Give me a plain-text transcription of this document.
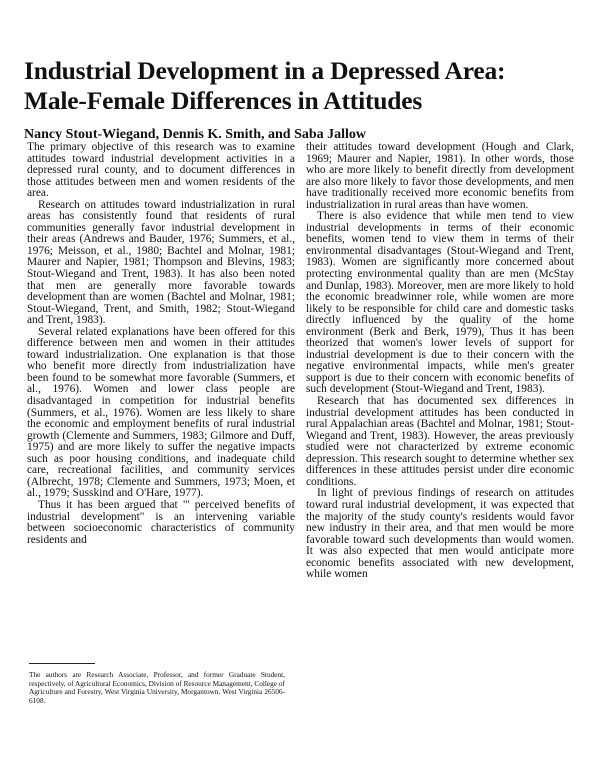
Industrial Development in a Depressed Area:
Male-Female Differences in Attitudes
Nancy Stout-Wiegand, Dennis K. Smith, and Saba Jallow

The primary objective of this research was to examine attitudes toward industrial development activities in a depressed rural county, and to document differences in those attitudes between men and women residents of the area.

Research on attitudes toward industrialization in rural areas has consistently found that residents of rural communities generally favor industrial development in their areas (Andrews and Bauder, 1976; Summers, et al., 1976; Meisson, et al., 1980; Bachtel and Molnar, 1981; Maurer and Napier, 1981; Thompson and Blevins, 1983; Stout-Wiegand and Trent, 1983). It has also been noted that men are generally more favorable towards development than are women (Bachtel and Molnar, 1981; Stout-Wiegand, Trent, and Smith, 1982; Stout-Wiegand and Trent, 1983).

Several related explanations have been offered for this difference between men and women in their attitudes toward industrialization. One explanation is that those who benefit more directly from industrialization have been found to be somewhat more favorable (Summers, et al., 1976). Women and lower class people are disadvantaged in competition for industrial benefits (Summers, et al., 1976). Women are less likely to share the economic and employment benefits of rural industrial growth (Clemente and Summers, 1983; Gilmore and Duff, 1975) and are more likely to suffer the negative impacts such as poor housing conditions, and inadequate child care, recreational facilities, and community services (Albrecht, 1978; Clemente and Summers, 1973; Moen, et al., 1979; Susskind and O'Hare, 1977).

Thus it has been argued that "' perceived benefits of industrial development" is an intervening variable between socioeconomic characteristics of community residents and

The authors are Research Associate, Professor, and former Graduate Student, respectively, of Agricultural Economics, Division of Resource Management, College of Agriculture and Forestry, West Virginia University, Morgantown, West Virginia 26506-6108.

their attitudes toward development (Hough and Clark, 1969; Maurer and Napier, 1981). In other words, those who are more likely to benefit directly from development are also more likely to favor those developments, and men have traditionally received more economic benefits from industrialization in rural areas than have women.

There is also evidence that while men tend to view industrial developments in terms of their economic benefits, women tend to view them in terms of their environmental disadvantages (Stout-Wiegand and Trent, 1983). Women are significantly more concerned about protecting environmental quality than are men (McStay and Dunlap, 1983). Moreover, men are more likely to hold the economic breadwinner role, while women are more likely to be responsible for child care and domestic tasks directly influenced by the quality of the home environment (Berk and Berk, 1979), Thus it has been theorized that women's lower levels of support for industrial development is due to their concern with the negative environmental impacts, while men's greater support is due to their concern with economic benefits of such development (Stout-Wiegand and Trent, 1983).

Research that has documented sex differences in industrial development attitudes has been conducted in rural Appalachian areas (Bachtel and Molnar, 1981; Stout-Wiegand and Trent, 1983). However, the areas previously studied were not characterized by extreme economic depression. This research sought to determine whether sex differences in these attitudes persist under dire economic conditions.

In light of previous findings of research on attitudes toward rural industrial development, it was expected that the majority of the study county's residents would favor new industry in their area, and that men would be more favorable toward such developments than would women. It was also expected that men would anticipate more economic benefits associated with new development, while women
